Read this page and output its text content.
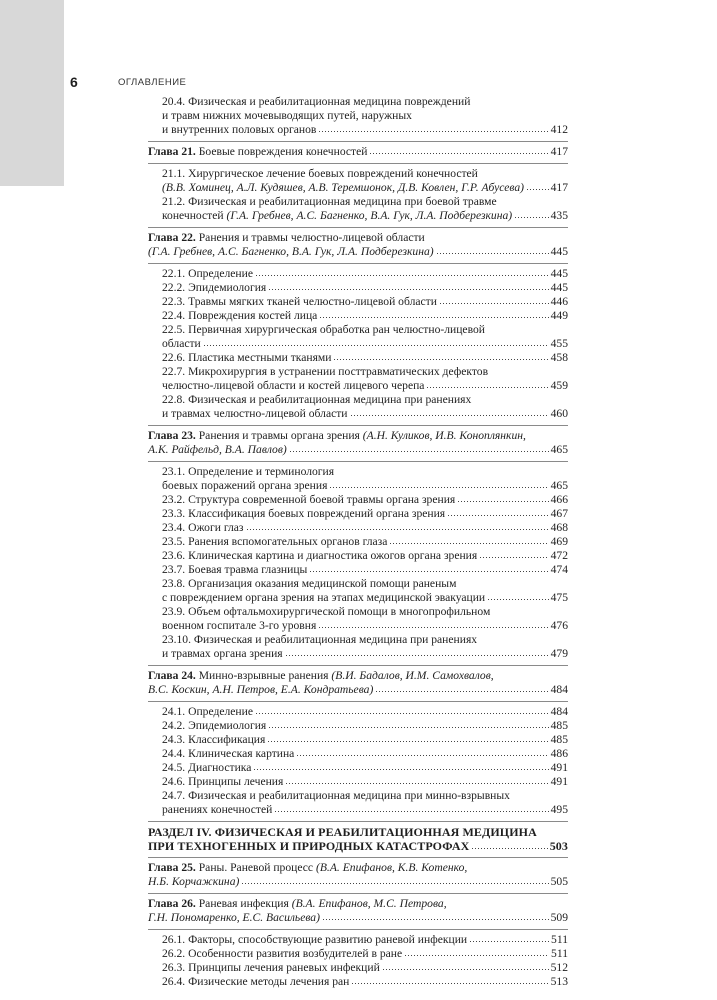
6	ОГЛАВЛЕНИЕ
20.4. Физическая и реабилитационная медицина повреждений
и травм нижних мочевыводящих путей, наружных
и внутренних половых органов	412
Глава 21. Боевые повреждения конечностей	417
21.1. Хирургическое лечение боевых повреждений конечностей
(В.В. Хоминец, А.Л. Кудяшев, А.В. Теремшонок, Д.В. Ковлен, Г.Р. Абусева) 417
21.2. Физическая и реабилитационная медицина при боевой травме
конечностей (Г.А. Гребнев, А.С. Багненко, В.А. Гук, Л.А. Подберезкина)	435
Глава 22. Ранения и травмы челюстно-лицевой области
(Г.А. Гребнев, А.С. Багненко, В.А. Гук, Л.А. Подберезкина)	445
22.1. Определение	445
22.2. Эпидемиология	445
22.3. Травмы мягких тканей челюстно-лицевой области	446
22.4. Повреждения костей лица	449
22.5. Первичная хирургическая обработка ран челюстно-лицевой
области	455
22.6. Пластика местными тканями	458
22.7. Микрохирургия в устранении посттравматических дефектов
челюстно-лицевой области и костей лицевого черепа	459
22.8. Физическая и реабилитационная медицина при ранениях
и травмах челюстно-лицевой области	460
Глава 23. Ранения и травмы органа зрения (А.Н. Куликов, И.В. Коноплянкин,
А.К. Райфельд, В.А. Павлов)	465
23.1. Определение и терминология
боевых поражений органа зрения	465
23.2. Структура современной боевой травмы органа зрения	466
23.3. Классификация боевых повреждений органа зрения	467
23.4. Ожоги глаз	468
23.5. Ранения вспомогательных органов глаза	469
23.6. Клиническая картина и диагностика ожогов органа зрения	472
23.7. Боевая травма глазницы	474
23.8. Организация оказания медицинской помощи раненым
с повреждением органа зрения на этапах медицинской эвакуации	475
23.9. Объем офтальмохирургической помощи в многопрофильном
военном госпитале 3-го уровня	476
23.10. Физическая и реабилитационная медицина при ранениях
и травмах органа зрения	479
Глава 24. Минно-взрывные ранения (В.И. Бадалов, И.М. Самохвалов,
В.С. Коскин, А.Н. Петров, Е.А. Кондратьева)	484
24.1. Определение	484
24.2. Эпидемиология	485
24.3. Классификация	485
24.4. Клиническая картина	486
24.5. Диагностика	491
24.6. Принципы лечения	491
24.7. Физическая и реабилитационная медицина при минно-взрывных
ранениях конечностей	495
РАЗДЕЛ IV. ФИЗИЧЕСКАЯ И РЕАБИЛИТАЦИОННАЯ МЕДИЦИНА
ПРИ ТЕХНОГЕННЫХ И ПРИРОДНЫХ КАТАСТРОФАХ	503
Глава 25. Раны. Раневой процесс (В.А. Епифанов, К.В. Котенко,
Н.Б. Корчажкина)	505
Глава 26. Раневая инфекция (В.А. Епифанов, М.С. Петрова,
Г.Н. Пономаренко, Е.С. Васильева)	509
26.1. Факторы, способствующие развитию раневой инфекции	511
26.2. Особенности развития возбудителей в ране	511
26.3. Принципы лечения раневых инфекций	512
26.4. Физические методы лечения ран	513
